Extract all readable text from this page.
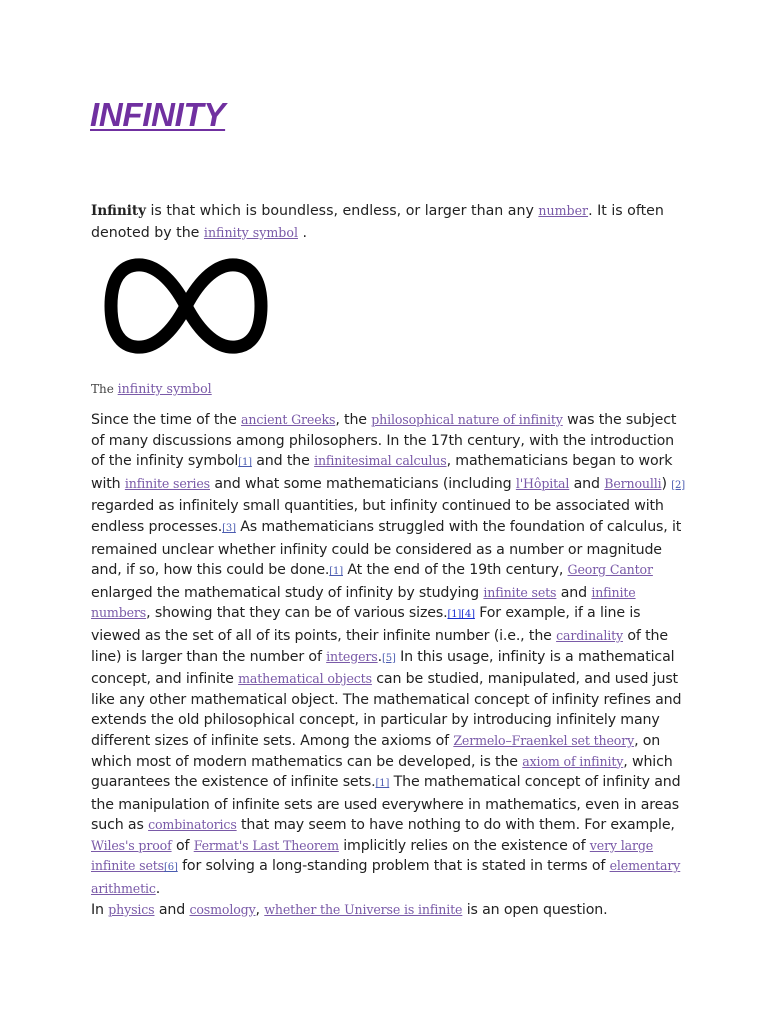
INFINITY

Infinity is that which is boundless, endless, or larger than any number. It is often denoted by the infinity symbol .

The infinity symbol

Since the time of the ancient Greeks, the philosophical nature of infinity was the subject of many discussions among philosophers. In the 17th century, with the introduction of the infinity symbol[1] and the infinitesimal calculus, mathematicians began to work with infinite series and what some mathematicians (including l'Hôpital and Bernoulli) [2] regarded as infinitely small quantities, but infinity continued to be associated with endless processes.[3] As mathematicians struggled with the foundation of calculus, it remained unclear whether infinity could be considered as a number or magnitude and, if so, how this could be done.[1] At the end of the 19th century, Georg Cantor enlarged the mathematical study of infinity by studying infinite sets and infinite numbers, showing that they can be of various sizes.[1][4] For example, if a line is viewed as the set of all of its points, their infinite number (i.e., the cardinality of the line) is larger than the number of integers.[5] In this usage, infinity is a mathematical concept, and infinite mathematical objects can be studied, manipulated, and used just like any other mathematical object. The mathematical concept of infinity refines and extends the old philosophical concept, in particular by introducing infinitely many different sizes of infinite sets. Among the axioms of Zermelo–Fraenkel set theory, on which most of modern mathematics can be developed, is the axiom of infinity, which guarantees the existence of infinite sets.[1] The mathematical concept of infinity and the manipulation of infinite sets are used everywhere in mathematics, even in areas such as combinatorics that may seem to have nothing to do with them. For example, Wiles's proof of Fermat's Last Theorem implicitly relies on the existence of very large infinite sets[6] for solving a long-standing problem that is stated in terms of elementary arithmetic.
In physics and cosmology, whether the Universe is infinite is an open question.
